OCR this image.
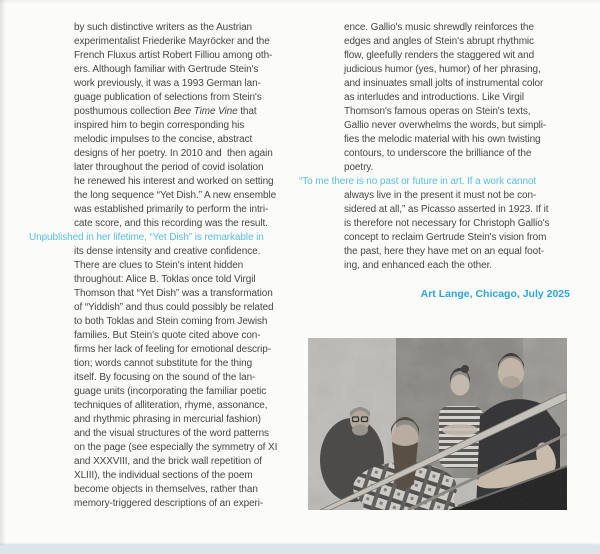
by such distinctive writers as the Austrian
experimentalist Friederike Mayröcker and the
French Fluxus artist Robert Filliou among oth-
ers. Although familiar with Gertrude Stein's
work previously, it was a 1993 German lan-
guage publication of selections from Stein's
posthumous collection Bee Time Vine that
inspired him to begin corresponding his
melodic impulses to the concise, abstract
designs of her poetry. In 2010 and  then again
later throughout the period of covid isolation
he renewed his interest and worked on setting
the long sequence “Yet Dish.” A new ensemble
was established primarily to perform the intri-
cate score, and this recording was the result.
Unpublished in her lifetime, “Yet Dish” is remarkable in
its dense intensity and creative confidence.
There are clues to Stein's intent hidden
throughout: Alice B. Toklas once told Virgil
Thomson that “Yet Dish” was a transformation
of “Yiddish” and thus could possibly be related
to both Toklas and Stein coming from Jewish
families. But Stein's quote cited above con-
firms her lack of feeling for emotional descrip-
tion; words cannot substitute for the thing
itself. By focusing on the sound of the lan-
guage units (incorporating the familiar poetic
techniques of alliteration, rhyme, assonance,
and rhythmic phrasing in mercurial fashion)
and the visual structures of the word patterns
on the page (see especially the symmetry of XI
and XXXVIII, and the brick wall repetition of
XLIII), the individual sections of the poem
become objects in themselves, rather than
memory-triggered descriptions of an experi-
ence. Gallio's music shrewdly reinforces the
edges and angles of Stein's abrupt rhythmic
flow, gleefully renders the staggered wit and
judicious humor (yes, humor) of her phrasing,
and insinuates small jolts of instrumental color
as interludes and introductions. Like Virgil
Thomson's famous operas on Stein's texts,
Gallio never overwhelms the words, but simpli-
fies the melodic material with his own twisting
contours, to underscore the brilliance of the
poetry.
“To me there is no past or future in art. If a work cannot
always live in the present it must not be con-
sidered at all,” as Picasso asserted in 1923. If it
is therefore not necessary for Christoph Gallio's
concept to reclaim Gertrude Stein's vision from
the past, here they have met on an equal foot-
ing, and enhanced each the other.
Art Lange, Chicago, July 2025
